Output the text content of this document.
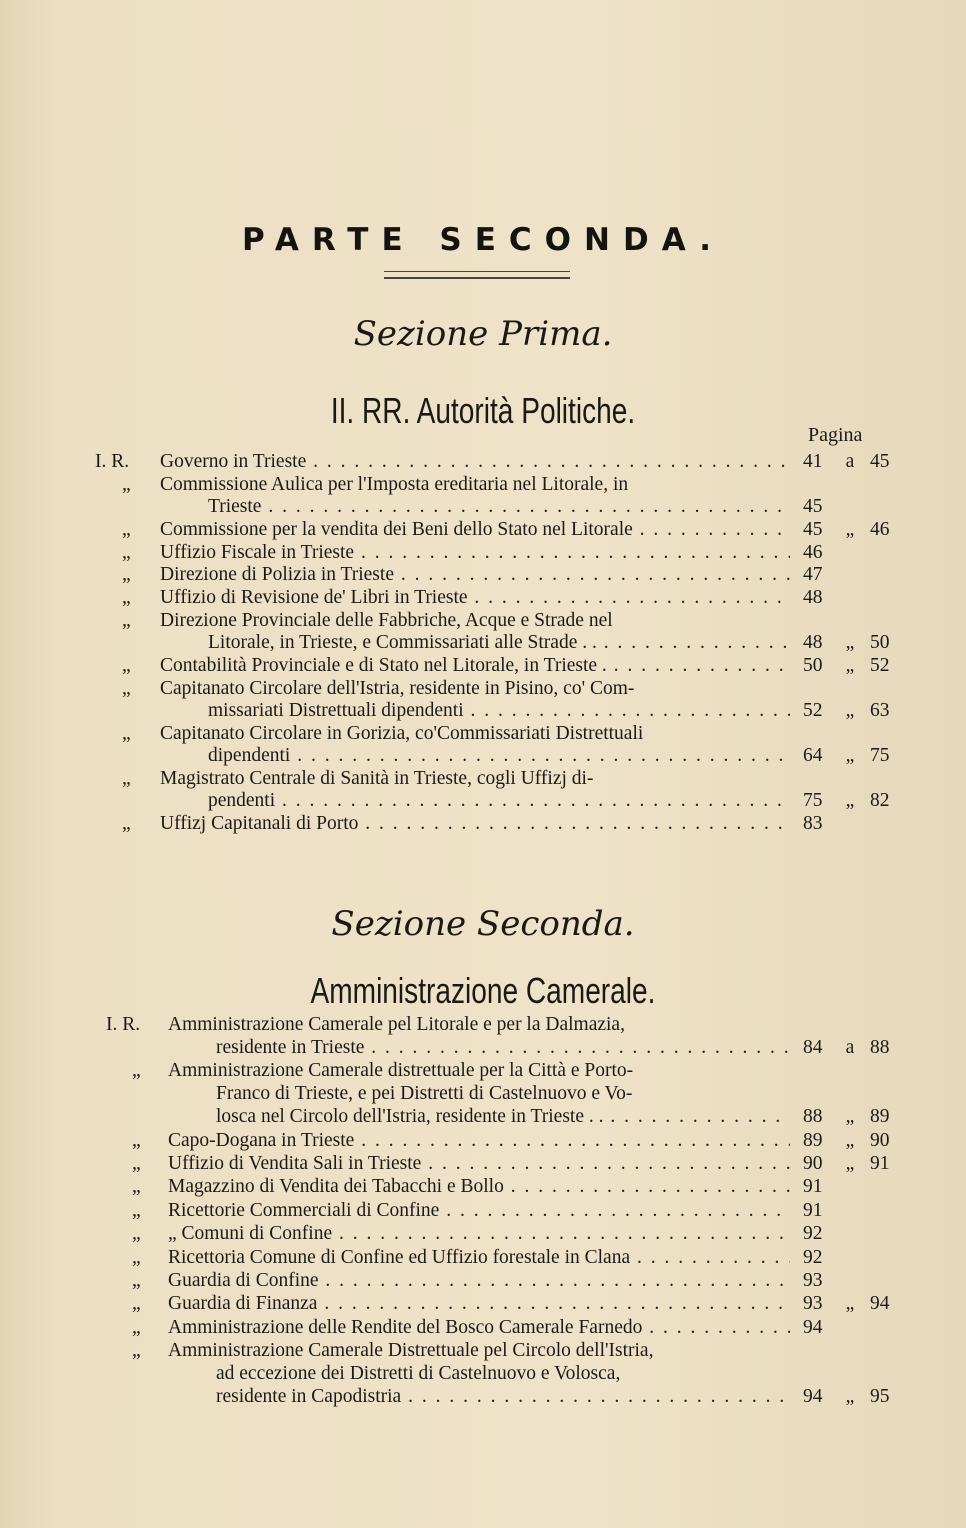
PARTE SECONDA.
Sezione Prima.
II. RR. Autorità Politiche.
Pagina
I. R. Governo in Trieste . . .	41	a 45
„ Commissione Aulica per l'Imposta ereditaria nel Litorale, in
Trieste . . .	45
„ Commissione per la vendita dei Beni dello Stato nel Litorale . . .	45	„ 46
„ Uffizio Fiscale in Trieste . . .	46
„ Direzione di Polizia in Trieste . . .	47
„ Uffizio di Revisione de' Libri in Trieste . . .	48
„ Direzione Provinciale delle Fabbriche, Acque e Strade nel
Litorale, in Trieste, e Commissariati alle Strade . . . . .	48	„ 50
„ Contabilità Provinciale e di Stato nel Litorale, in Trieste . . . .	50	„ 52
„ Capitanato Circolare dell'Istria, residente in Pisino, co' Com-
missariati Distrettuali dipendenti . . .	52	„ 63
„ Capitanato Circolare in Gorizia, co'Commissariati Distrettuali
dipendenti . . .	64	„ 75
„ Magistrato Centrale di Sanità in Trieste, cogli Uffizj di-
pendenti . . .	75	„ 82
„ Uffizj Capitanali di Porto . . .	83
Sezione Seconda.
Amministrazione Camerale.
I. R. Amministrazione Camerale pel Litorale e per la Dalmazia,
residente in Trieste . . .	84	a 88
„ Amministrazione Camerale distrettuale per la Città e Porto-
Franco di Trieste, e pei Distretti di Castelnuovo e Vo-
losca nel Circolo dell'Istria, residente in Trieste . . . . .	88	„ 89
„ Capo-Dogana in Trieste . . .	89	„ 90
„ Uffizio di Vendita Sali in Trieste . . .	90	„ 91
„ Magazzino di Vendita dei Tabacchi e Bollo . . .	91
„ Ricettorie Commerciali di Confine . . .	91
„ „ Comuni di Confine . . .	92
„ Ricettoria Comune di Confine ed Uffizio forestale in Clana . . .	92
„ Guardia di Confine . . .	93
„ Guardia di Finanza . . .	93	„ 94
„ Amministrazione delle Rendite del Bosco Camerale Farnedo . . .	94
„ Amministrazione Camerale Distrettuale pel Circolo dell'Istria,
ad eccezione dei Distretti di Castelnuovo e Volosca,
residente in Capodistria . . .	94	„ 95
